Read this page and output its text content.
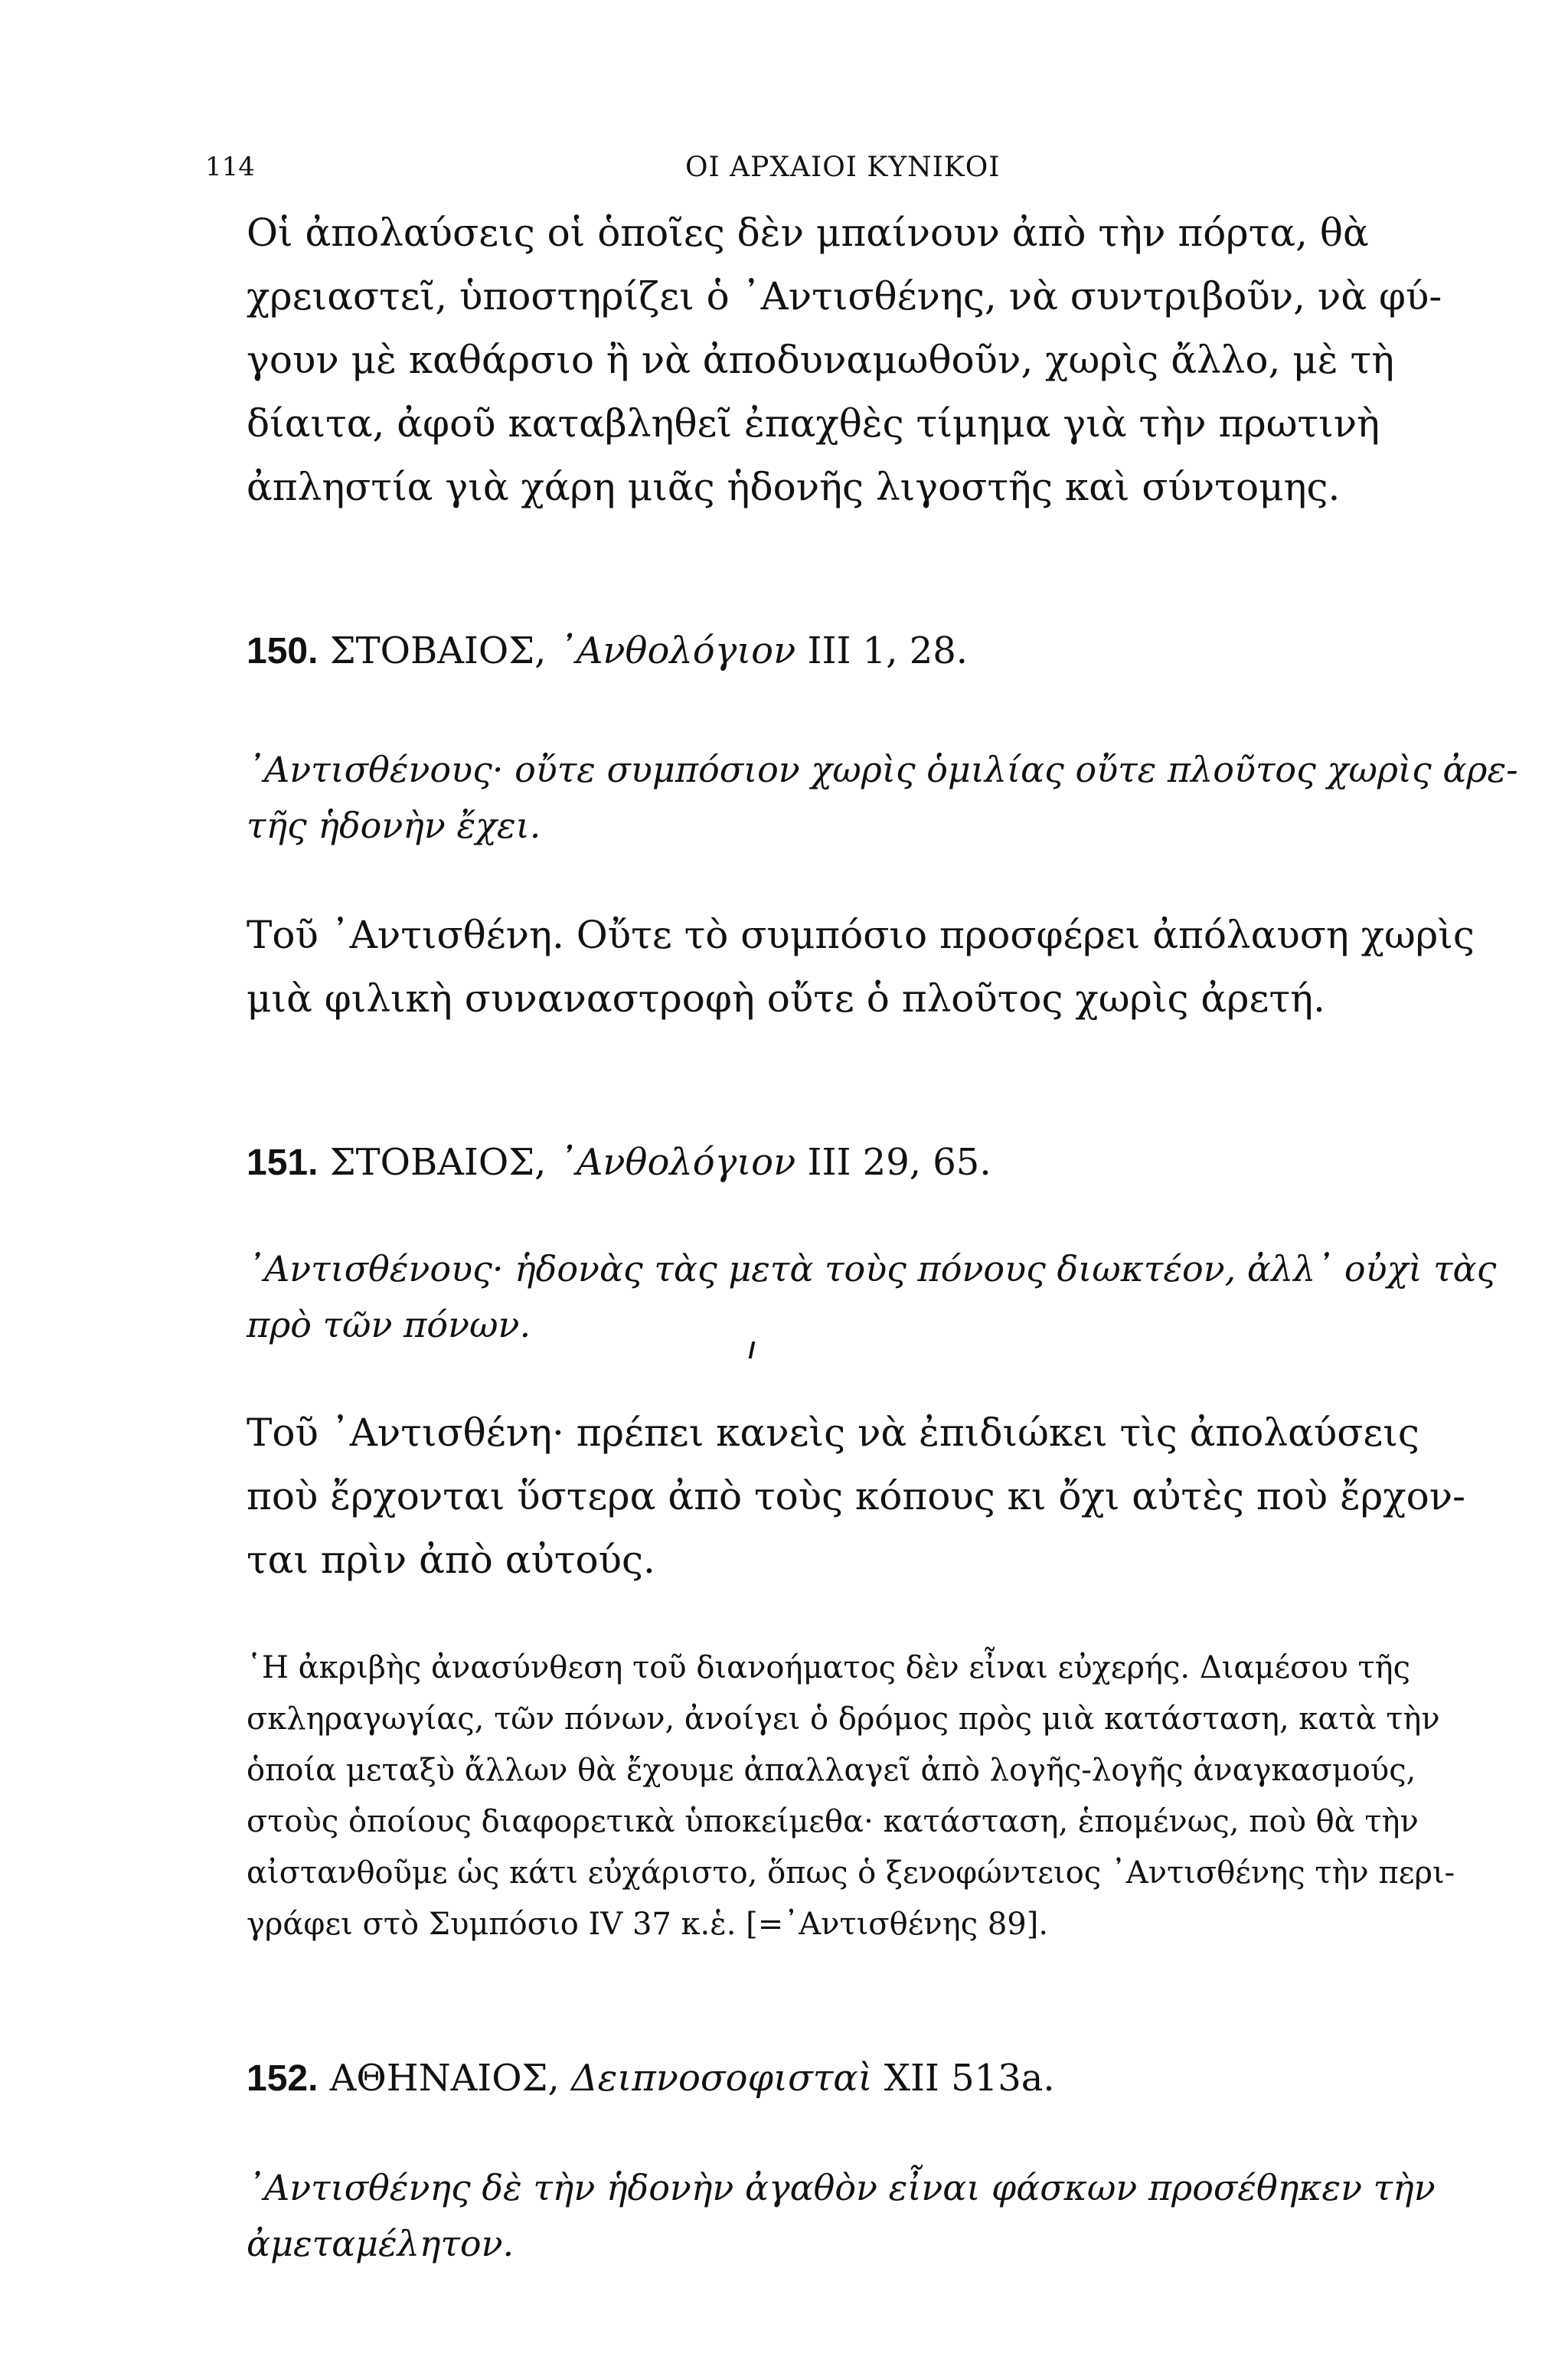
114	ΟΙ ΑΡΧΑΙΟΙ ΚΥΝΙΚΟΙ
Οἱ ἀπολαύσεις οἱ ὁποῖες δὲν μπαίνουν ἀπὸ τὴν πόρτα, θὰ
χρειαστεῖ, ὑποστηρίζει ὁ ᾽Αντισθένης, νὰ συντριβοῦν, νὰ φύ-
γουν μὲ καθάρσιο ἢ νὰ ἀποδυναμωθοῦν, χωρὶς ἄλλο, μὲ τὴ
δίαιτα, ἀφοῦ καταβληθεῖ ἐπαχθὲς τίμημα γιὰ τὴν πρωτινὴ
ἀπληστία γιὰ χάρη μιᾶς ἡδονῆς λιγοστῆς καὶ σύντομης.
150. ΣΤΟΒΑΙΟΣ, ᾽Ανθολόγιον III 1, 28.
᾽Αντισθένους· οὔτε συμπόσιον χωρὶς ὁμιλίας οὔτε πλοῦτος χωρὶς ἀρε-
τῆς ἡδονὴν ἔχει.
Τοῦ ᾽Αντισθένη. Οὔτε τὸ συμπόσιο προσφέρει ἀπόλαυση χωρὶς
μιὰ φιλικὴ συναναστροφὴ οὔτε ὁ πλοῦτος χωρὶς ἀρετή.
151. ΣΤΟΒΑΙΟΣ, ᾽Ανθολόγιον III 29, 65.
᾽Αντισθένους· ἡδονὰς τὰς μετὰ τοὺς πόνους διωκτέον, ἀλλ᾽ οὐχὶ τὰς
πρὸ τῶν πόνων.
Τοῦ ᾽Αντισθένη· πρέπει κανεὶς νὰ ἐπιδιώκει τὶς ἀπολαύσεις
ποὺ ἔρχονται ὕστερα ἀπὸ τοὺς κόπους κι ὄχι αὐτὲς ποὺ ἔρχον-
ται πρὶν ἀπὸ αὐτούς.
῾Η ἀκριβὴς ἀνασύνθεση τοῦ διανοήματος δὲν εἶναι εὐχερής. Διαμέσου τῆς
σκληραγωγίας, τῶν πόνων, ἀνοίγει ὁ δρόμος πρὸς μιὰ κατάσταση, κατὰ τὴν
ὁποία μεταξὺ ἄλλων θὰ ἔχουμε ἀπαλλαγεῖ ἀπὸ λογῆς-λογῆς ἀναγκασμούς,
στοὺς ὁποίους διαφορετικὰ ὑποκείμεθα· κατάσταση, ἑπομένως, ποὺ θὰ τὴν
αἰστανθοῦμε ὡς κάτι εὐχάριστο, ὅπως ὁ ξενοφώντειος ᾽Αντισθένης τὴν περι-
γράφει στὸ Συμπόσιο IV 37 κ.ἑ. [=᾽Αντισθένης 89].
152. ΑΘΗΝΑΙΟΣ, Δειπνοσοφισταὶ XII 513a.
᾽Αντισθένης δὲ τὴν ἡδονὴν ἀγαθὸν εἶναι φάσκων προσέθηκεν τὴν
ἀμεταμέλητον.
